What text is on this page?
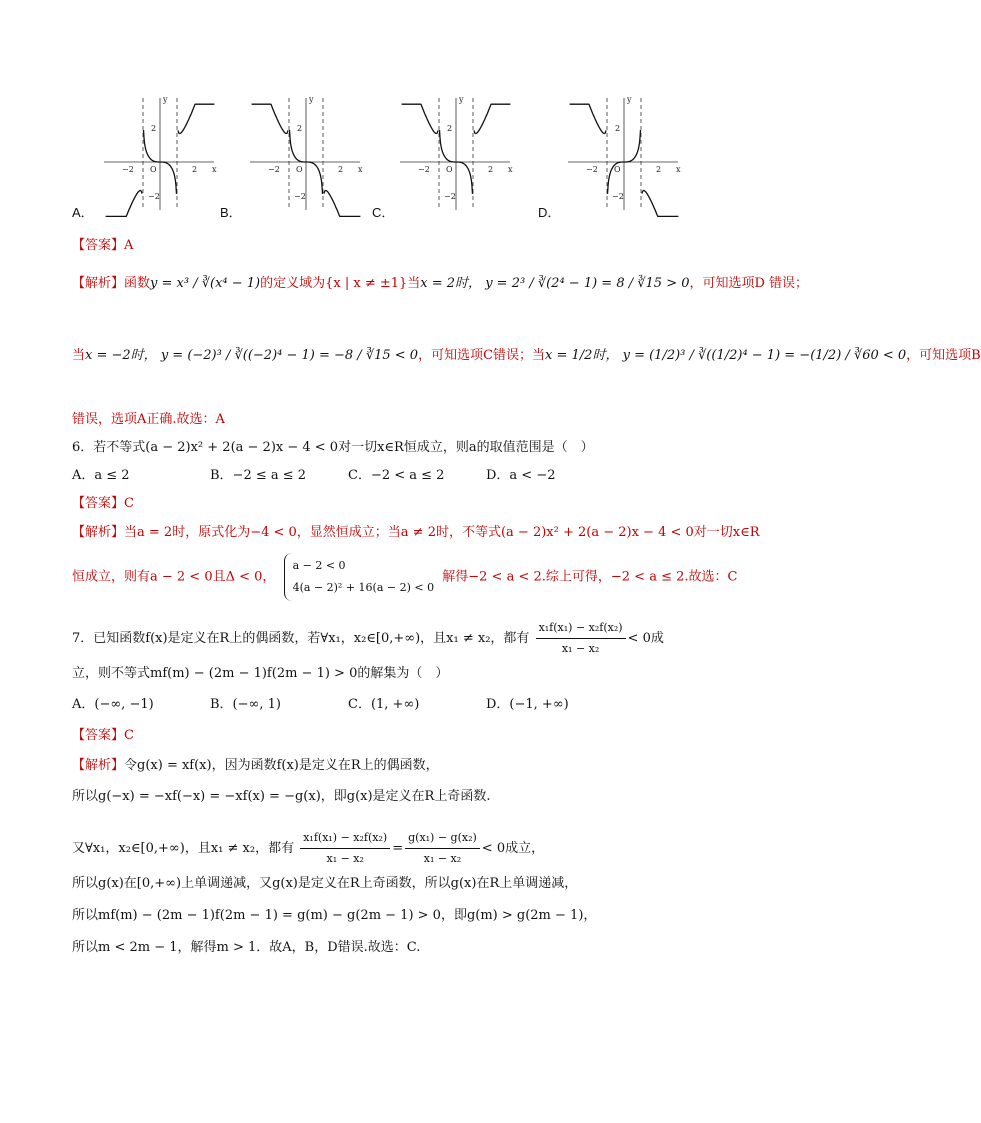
−2	2
O	x
y
2
−2
A．
−2	2
O	x
y
2
−2
B．
−2	2
O	x
y
2
−2
C．
−2	2
O	x
y
2
−2
D．
【答案】A
【解析】函数y = x³ / ∛(x⁴ − 1)的定义域为{x | x ≠ ±1}当x = 2时， y = 2³ / ∛(2⁴ − 1) = 8 / ∛15 > 0，可知选项D 错误；
当x = −2时， y = (−2)³ / ∛((−2)⁴ − 1) = −8 / ∛15 < 0，可知选项C错误；当x = 1/2时， y = (1/2)³ / ∛((1/2)⁴ − 1) = −(1/2) / ∛60 < 0，可知选项B
错误，选项A正确.故选：A
6．若不等式(a − 2)x² + 2(a − 2)x − 4 < 0对一切x∈R恒成立，则a的取值范围是（　）
A．a ≤ 2	B．−2 ≤ a ≤ 2	C．−2 < a ≤ 2	D．a < −2
【答案】C
【解析】当a = 2时，原式化为−4 < 0，显然恒成立；当a ≠ 2时，不等式(a − 2)x² + 2(a − 2)x − 4 < 0对一切x∈R
恒成立，则有a − 2 < 0且Δ < 0，
a − 2 < 0
4(a − 2)² + 16(a − 2) < 0
解得−2 < a < 2.综上可得，−2 < a ≤ 2.故选：C
7．已知函数f(x)是定义在R上的偶函数，若∀x₁，x₂∈[0,+∞)，且x₁ ≠ x₂，都有 $\frac{\text{x₁f(x₁) − x₂f(x₂)}}{\text{x₁ − x₂}} < 0$成
立，则不等式mf(m) − (2m − 1)f(2m − 1) > 0的解集为（　）
A．(−∞, −1)	B．(−∞, 1)	C．(1, +∞)	D．(−1, +∞)
【答案】C
【解析】令g(x) = xf(x)，因为函数f(x)是定义在R上的偶函数，
所以g(−x) = −xf(−x) = −xf(x) = −g(x)，即g(x)是定义在R上奇函数.
又∀x₁，x₂∈[0,+∞)，且x₁ ≠ x₂，都有 $\frac{\text{x₁f(x₁) − x₂f(x₂)}}{\text{x₁ − x₂}} = \frac{\text{g(x₁) − g(x₂)}}{\text{x₁ − x₂}} < 0$成立，
所以g(x)在[0,+∞)上单调递减，又g(x)是定义在R上奇函数，所以g(x)在R上单调递减，
所以mf(m) − (2m − 1)f(2m − 1) = g(m) − g(2m − 1) > 0，即g(m) > g(2m − 1)，
所以m < 2m − 1，解得m > 1．故A，B，D错误.故选：C.
